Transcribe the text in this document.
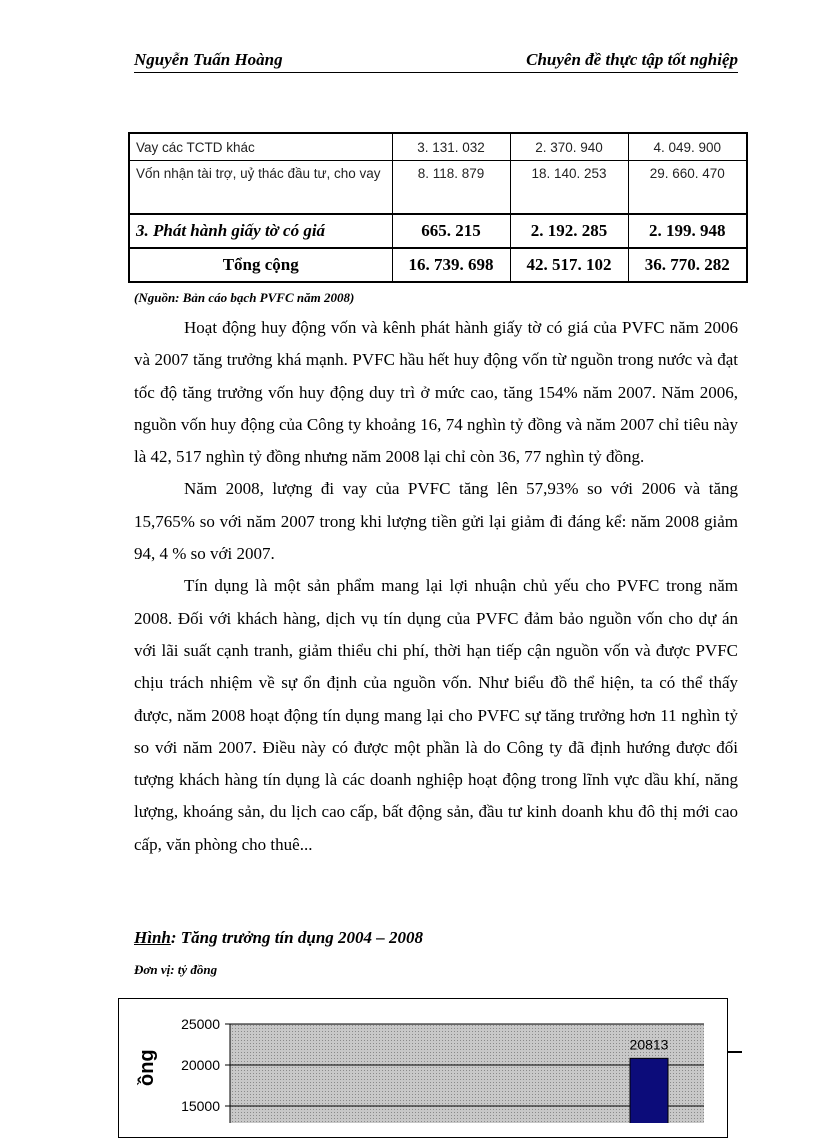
Nguyễn Tuấn Hoàng	Chuyên đề thực tập tốt nghiệp
Vay các TCTD khác	3. 131. 032	2. 370. 940	4. 049. 900
Vốn nhận tài trợ, uỷ thác đầu tư, cho vay	8. 118. 879	18. 140. 253	29. 660. 470
3. Phát hành giấy tờ có giá	665. 215	2. 192. 285	2. 199. 948
Tổng cộng	16. 739. 698	42. 517. 102	36. 770. 282
(Nguồn: Bản cáo bạch PVFC năm 2008)

Hoạt động huy động vốn và kênh phát hành giấy tờ có giá của PVFC năm 2006 và 2007 tăng trưởng khá mạnh. PVFC hầu hết huy động vốn từ nguồn trong nước và đạt tốc độ tăng trưởng vốn huy động duy trì ở mức cao, tăng 154% năm 2007. Năm 2006, nguồn vốn huy động của Công ty khoảng 16, 74 nghìn tỷ đồng và năm 2007 chỉ tiêu này là 42, 517 nghìn tỷ đồng nhưng năm 2008 lại chỉ còn 36, 77 nghìn tỷ đồng.

Năm 2008, lượng đi vay của PVFC tăng lên 57,93% so với 2006 và tăng 15,765% so với năm 2007 trong khi lượng tiền gửi lại giảm đi đáng kể: năm 2008 giảm 94, 4 % so với 2007.

Tín dụng là một sản phẩm mang lại lợi nhuận chủ yếu cho PVFC trong năm 2008. Đối với khách hàng, dịch vụ tín dụng của PVFC đảm bảo nguồn vốn cho dự án với lãi suất cạnh tranh, giảm thiểu chi phí, thời hạn tiếp cận nguồn vốn và được PVFC chịu trách nhiệm về sự ổn định của nguồn vốn. Như biểu đồ thể hiện, ta có thể thấy được, năm 2008 hoạt động tín dụng mang lại cho PVFC sự tăng trưởng hơn 11 nghìn tỷ so với năm 2007. Điều này có được một phần là do Công ty đã định hướng được đối tượng khách hàng tín dụng là các doanh nghiệp hoạt động trong lĩnh vực dầu khí, năng lượng, khoáng sản, du lịch cao cấp, bất động sản, đầu tư kinh doanh khu đô thị mới cao cấp, văn phòng cho thuê...

Hình: Tăng trưởng tín dụng 2004 – 2008
Đơn vị: tỷ đồng
15000
20000
25000
20813
ồng
